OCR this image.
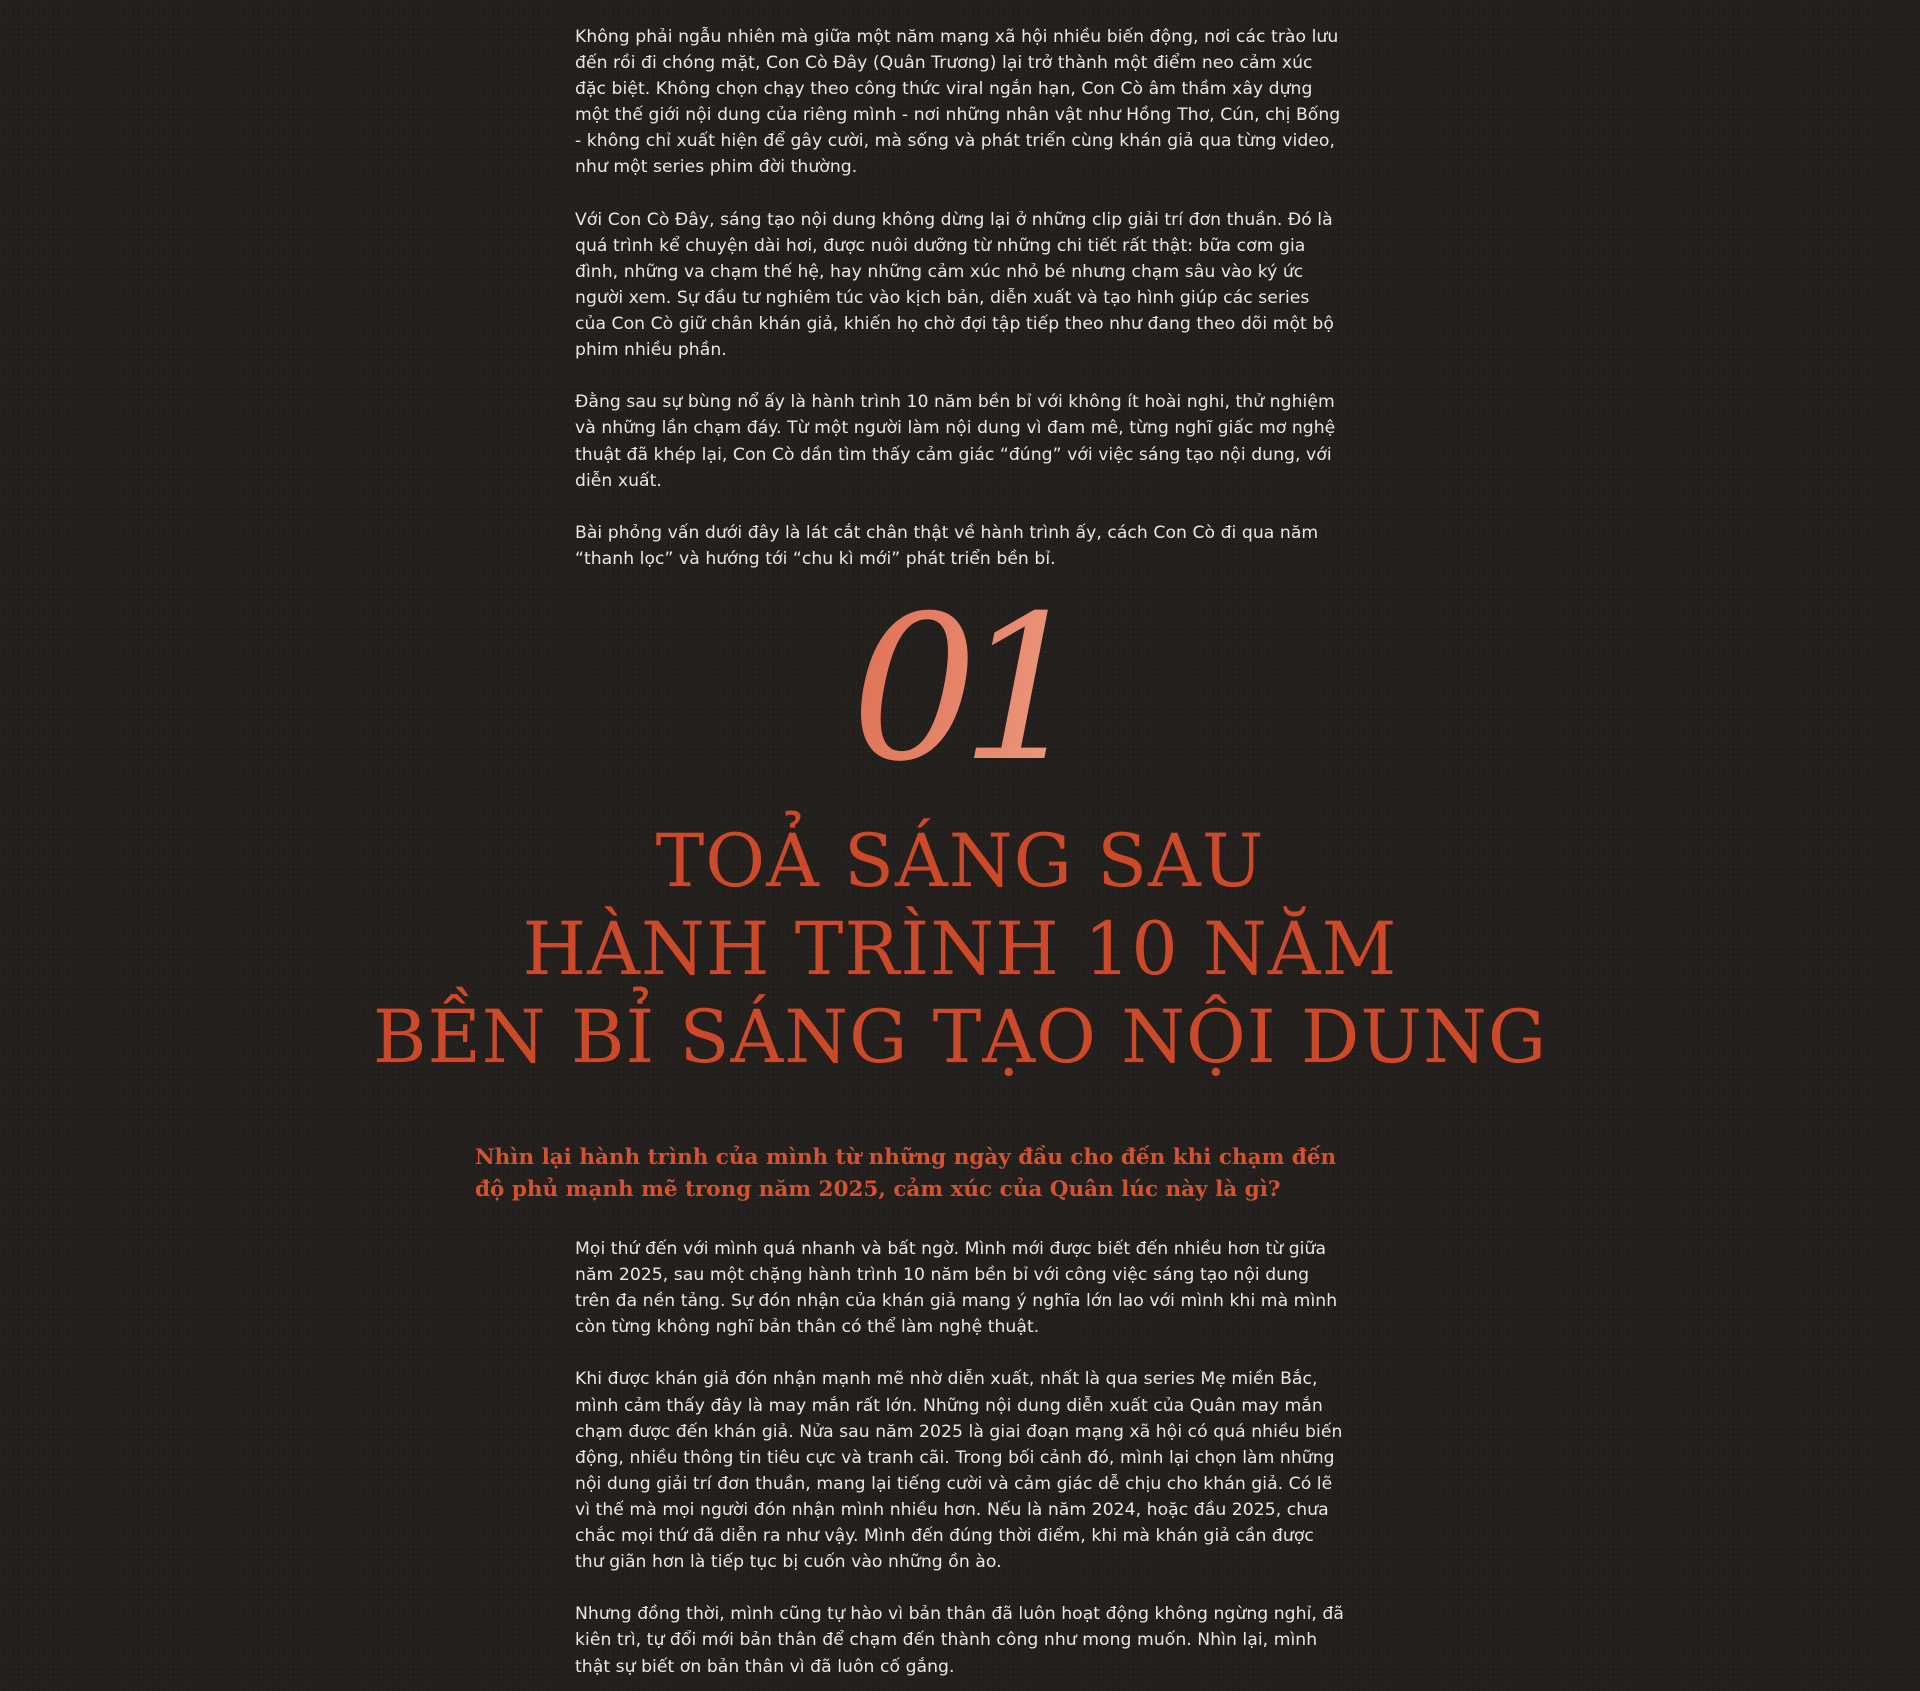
Không phải ngẫu nhiên mà giữa một năm mạng xã hội nhiều biến động, nơi các trào lưu đến rồi đi chóng mặt, Con Cò Đây (Quân Trương) lại trở thành một điểm neo cảm xúc đặc biệt. Không chọn chạy theo công thức viral ngắn hạn, Con Cò âm thầm xây dựng một thế giới nội dung của riêng mình - nơi những nhân vật như Hồng Thơ, Cún, chị Bống - không chỉ xuất hiện để gây cười, mà sống và phát triển cùng khán giả qua từng video, như một series phim đời thường.

Với Con Cò Đây, sáng tạo nội dung không dừng lại ở những clip giải trí đơn thuần. Đó là quá trình kể chuyện dài hơi, được nuôi dưỡng từ những chi tiết rất thật: bữa cơm gia đình, những va chạm thế hệ, hay những cảm xúc nhỏ bé nhưng chạm sâu vào ký ức người xem. Sự đầu tư nghiêm túc vào kịch bản, diễn xuất và tạo hình giúp các series của Con Cò giữ chân khán giả, khiến họ chờ đợi tập tiếp theo như đang theo dõi một bộ phim nhiều phần.

Đằng sau sự bùng nổ ấy là hành trình 10 năm bền bỉ với không ít hoài nghi, thử nghiệm và những lần chạm đáy. Từ một người làm nội dung vì đam mê, từng nghĩ giấc mơ nghệ thuật đã khép lại, Con Cò dần tìm thấy cảm giác “đúng” với việc sáng tạo nội dung, với diễn xuất.

Bài phỏng vấn dưới đây là lát cắt chân thật về hành trình ấy, cách Con Cò đi qua năm “thanh lọc” và hướng tới “chu kì mới” phát triển bền bỉ.

01
TOẢ SÁNG SAU
HÀNH TRÌNH 10 NĂM
BỀN BỈ SÁNG TẠO NỘI DUNG
Nhìn lại hành trình của mình từ những ngày đầu cho đến khi chạm đến độ phủ mạnh mẽ trong năm 2025, cảm xúc của Quân lúc này là gì?

Mọi thứ đến với mình quá nhanh và bất ngờ. Mình mới được biết đến nhiều hơn từ giữa năm 2025, sau một chặng hành trình 10 năm bền bỉ với công việc sáng tạo nội dung trên đa nền tảng. Sự đón nhận của khán giả mang ý nghĩa lớn lao với mình khi mà mình còn từng không nghĩ bản thân có thể làm nghệ thuật.

Khi được khán giả đón nhận mạnh mẽ nhờ diễn xuất, nhất là qua series Mẹ miền Bắc, mình cảm thấy đây là may mắn rất lớn. Những nội dung diễn xuất của Quân may mắn chạm được đến khán giả. Nửa sau năm 2025 là giai đoạn mạng xã hội có quá nhiều biến động, nhiều thông tin tiêu cực và tranh cãi. Trong bối cảnh đó, mình lại chọn làm những nội dung giải trí đơn thuần, mang lại tiếng cười và cảm giác dễ chịu cho khán giả. Có lẽ vì thế mà mọi người đón nhận mình nhiều hơn. Nếu là năm 2024, hoặc đầu 2025, chưa chắc mọi thứ đã diễn ra như vậy. Mình đến đúng thời điểm, khi mà khán giả cần được thư giãn hơn là tiếp tục bị cuốn vào những ồn ào.

Nhưng đồng thời, mình cũng tự hào vì bản thân đã luôn hoạt động không ngừng nghỉ, đã kiên trì, tự đổi mới bản thân để chạm đến thành công như mong muốn. Nhìn lại, mình thật sự biết ơn bản thân vì đã luôn cố gắng.
